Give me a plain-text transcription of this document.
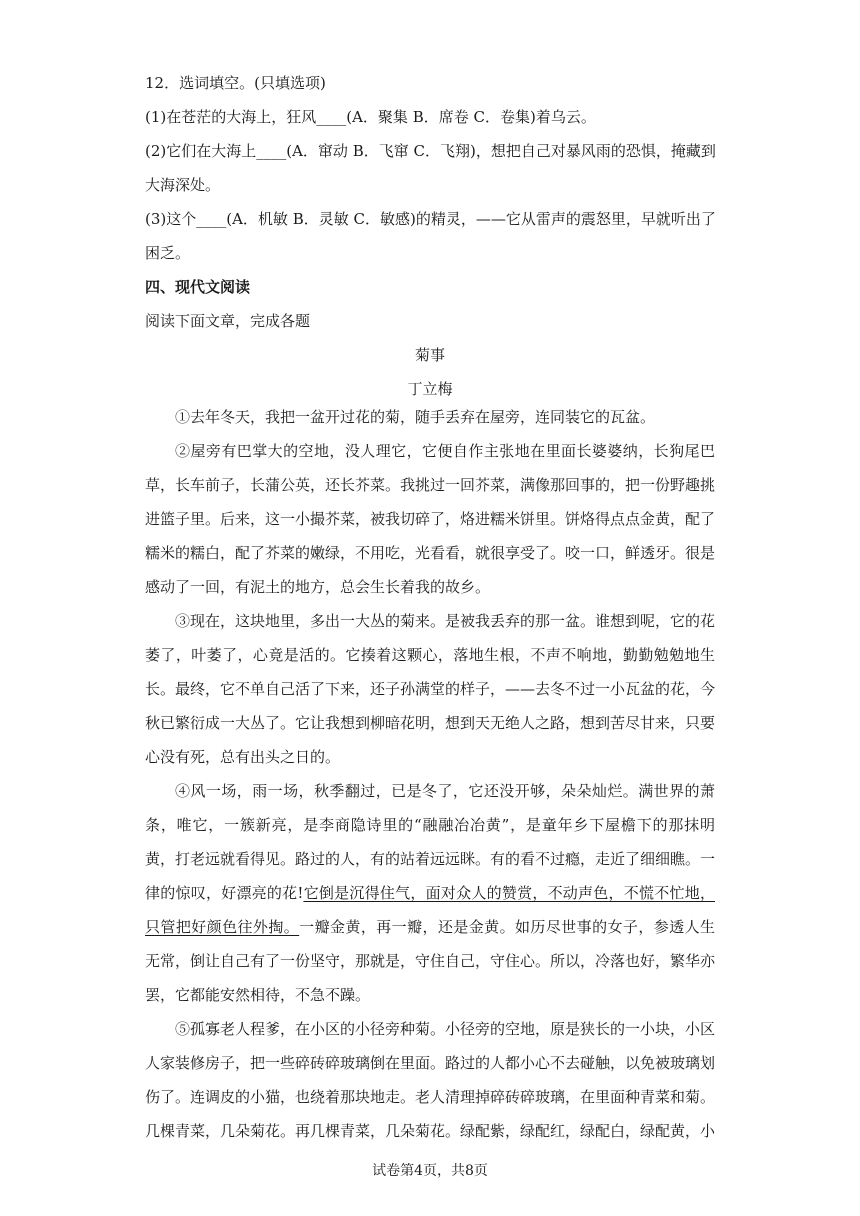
12．选词填空。(只填选项)
(1)在苍茫的大海上，狂风____(A．聚集 B．席卷 C．卷集)着乌云。
(2)它们在大海上____(A．窜动 B．飞窜 C．飞翔)，想把自己对暴风雨的恐惧，掩藏到
大海深处。
(3)这个____(A．机敏 B．灵敏 C．敏感)的精灵，——它从雷声的震怒里，早就听出了
困乏。
四、现代文阅读
阅读下面文章，完成各题
菊事
丁立梅

①去年冬天，我把一盆开过花的菊，随手丢弃在屋旁，连同装它的瓦盆。

②屋旁有巴掌大的空地，没人理它，它便自作主张地在里面长婆婆纳，长狗尾巴草，长车前子，长蒲公英，还长芥菜。我挑过一回芥菜，满像那回事的，把一份野趣挑进篮子里。后来，这一小撮芥菜，被我切碎了，烙进糯米饼里。饼烙得点点金黄，配了糯米的糯白，配了芥菜的嫩绿，不用吃，光看看，就很享受了。咬一口，鲜透牙。很是感动了一回，有泥土的地方，总会生长着我的故乡。

③现在，这块地里，多出一大丛的菊来。是被我丢弃的那一盆。谁想到呢，它的花萎了，叶萎了，心竟是活的。它揍着这颗心，落地生根，不声不响地，勤勤勉勉地生长。最终，它不单自己活了下来，还子孙满堂的样子，——去冬不过一小瓦盆的花，今秋已繁衍成一大丛了。它让我想到柳暗花明，想到天无绝人之路，想到苦尽甘来，只要心没有死，总有出头之日的。

④风一场，雨一场，秋季翻过，已是冬了，它还没开够，朵朵灿烂。满世界的萧条，唯它，一簇新亮，是李商隐诗里的“融融冶冶黄”，是童年乡下屋檐下的那抹明黄，打老远就看得见。路过的人，有的站着远远眯。有的看不过瘾，走近了细细瞧。一律的惊叹，好漂亮的花!它倒是沉得住气，面对众人的赞赏，不动声色，不慌不忙地，只管把好颜色往外掏。一瓣金黄，再一瓣，还是金黄。如历尽世事的女子，参透人生无常，倒让自己有了一份坚守，那就是，守住自己，守住心。所以，冷落也好，繁华亦罢，它都能安然相待，不急不躁。

⑤孤寡老人程爹，在小区的小径旁种菊。小径旁的空地，原是狭长的一小块，小区人家装修房子，把一些碎砖碎玻璃倒在里面。路过的人都小心不去碰触，以免被玻璃划伤了。连调皮的小猫，也绕着那块地走。老人清理掉碎砖碎玻璃，在里面种青菜和菊。几棵青菜，几朵菊花。再几棵青菜，几朵菊花。绿配紫，绿配红，绿配白，绿配黄，小

试卷第4页，共8页
